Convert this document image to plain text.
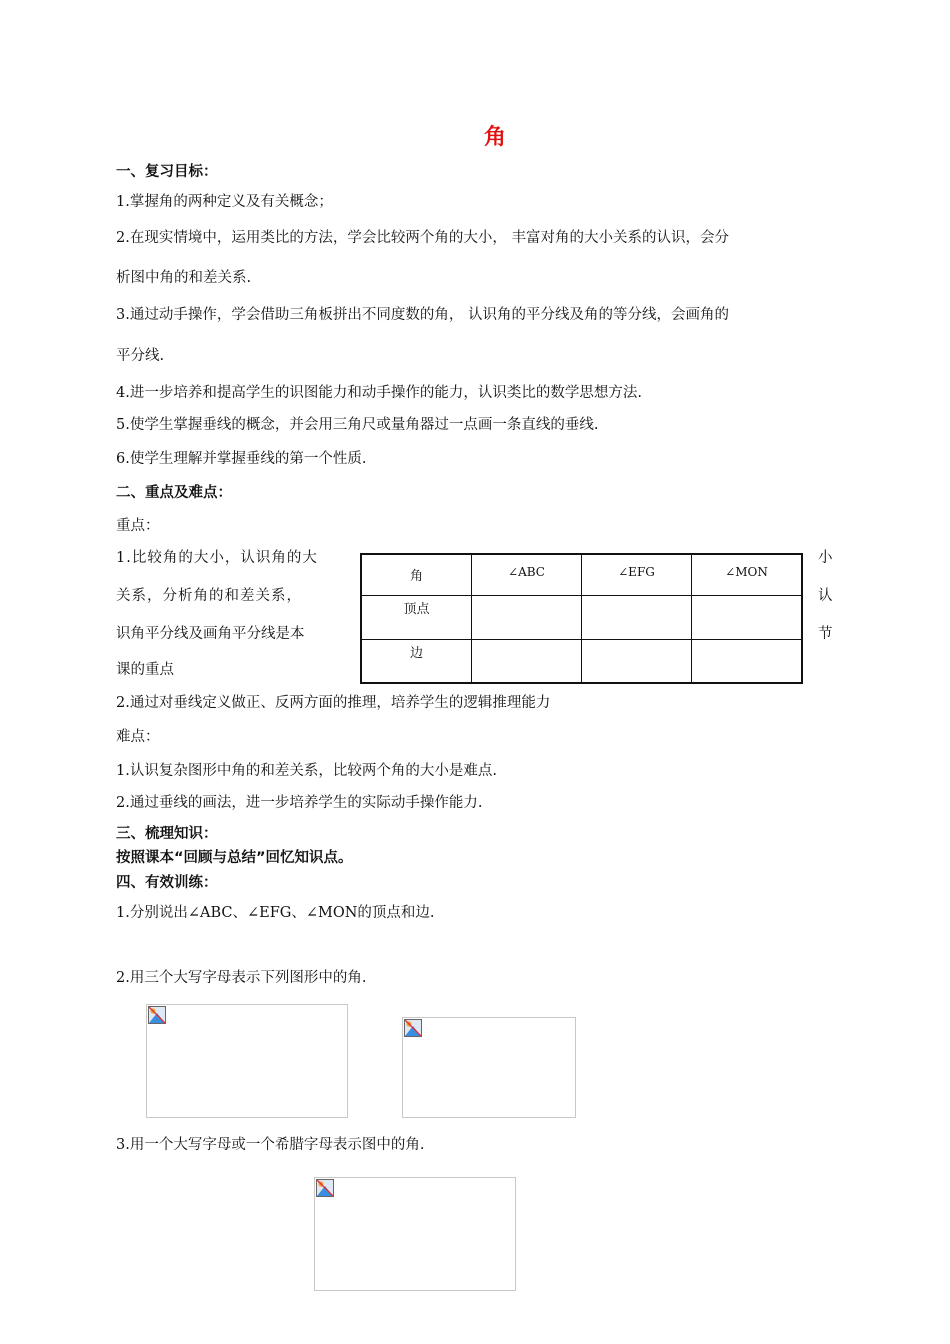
角
一、复习目标：
1.掌握角的两种定义及有关概念；
2.在现实情境中，运用类比的方法，学会比较两个角的大小， 丰富对角的大小关系的认识，会分
析图中角的和差关系.
3.通过动手操作，学会借助三角板拼出不同度数的角， 认识角的平分线及角的等分线，会画角的
平分线.
4.进一步培养和提高学生的识图能力和动手操作的能力，认识类比的数学思想方法.
5.使学生掌握垂线的概念，并会用三角尺或量角器过一点画一条直线的垂线.
6.使学生理解并掌握垂线的第一个性质.
二、重点及难点：
重点：
1.比较角的大小，认识角的大
关系，分析角的和差关系，
识角平分线及画角平分线是本
课的重点
小
认
节
角	∠ABC	∠EFG	∠MON

顶点			

边			

2.通过对垂线定义做正、反两方面的推理，培养学生的逻辑推理能力
难点：
1.认识复杂图形中角的和差关系，比较两个角的大小是难点.
2.通过垂线的画法，进一步培养学生的实际动手操作能力.
三、梳理知识：
按照课本“回顾与总结”回忆知识点。
四、有效训练：
1.分别说出∠ABC、∠EFG、∠MON的顶点和边.
2.用三个大写字母表示下列图形中的角.
3.用一个大写字母或一个希腊字母表示图中的角.
